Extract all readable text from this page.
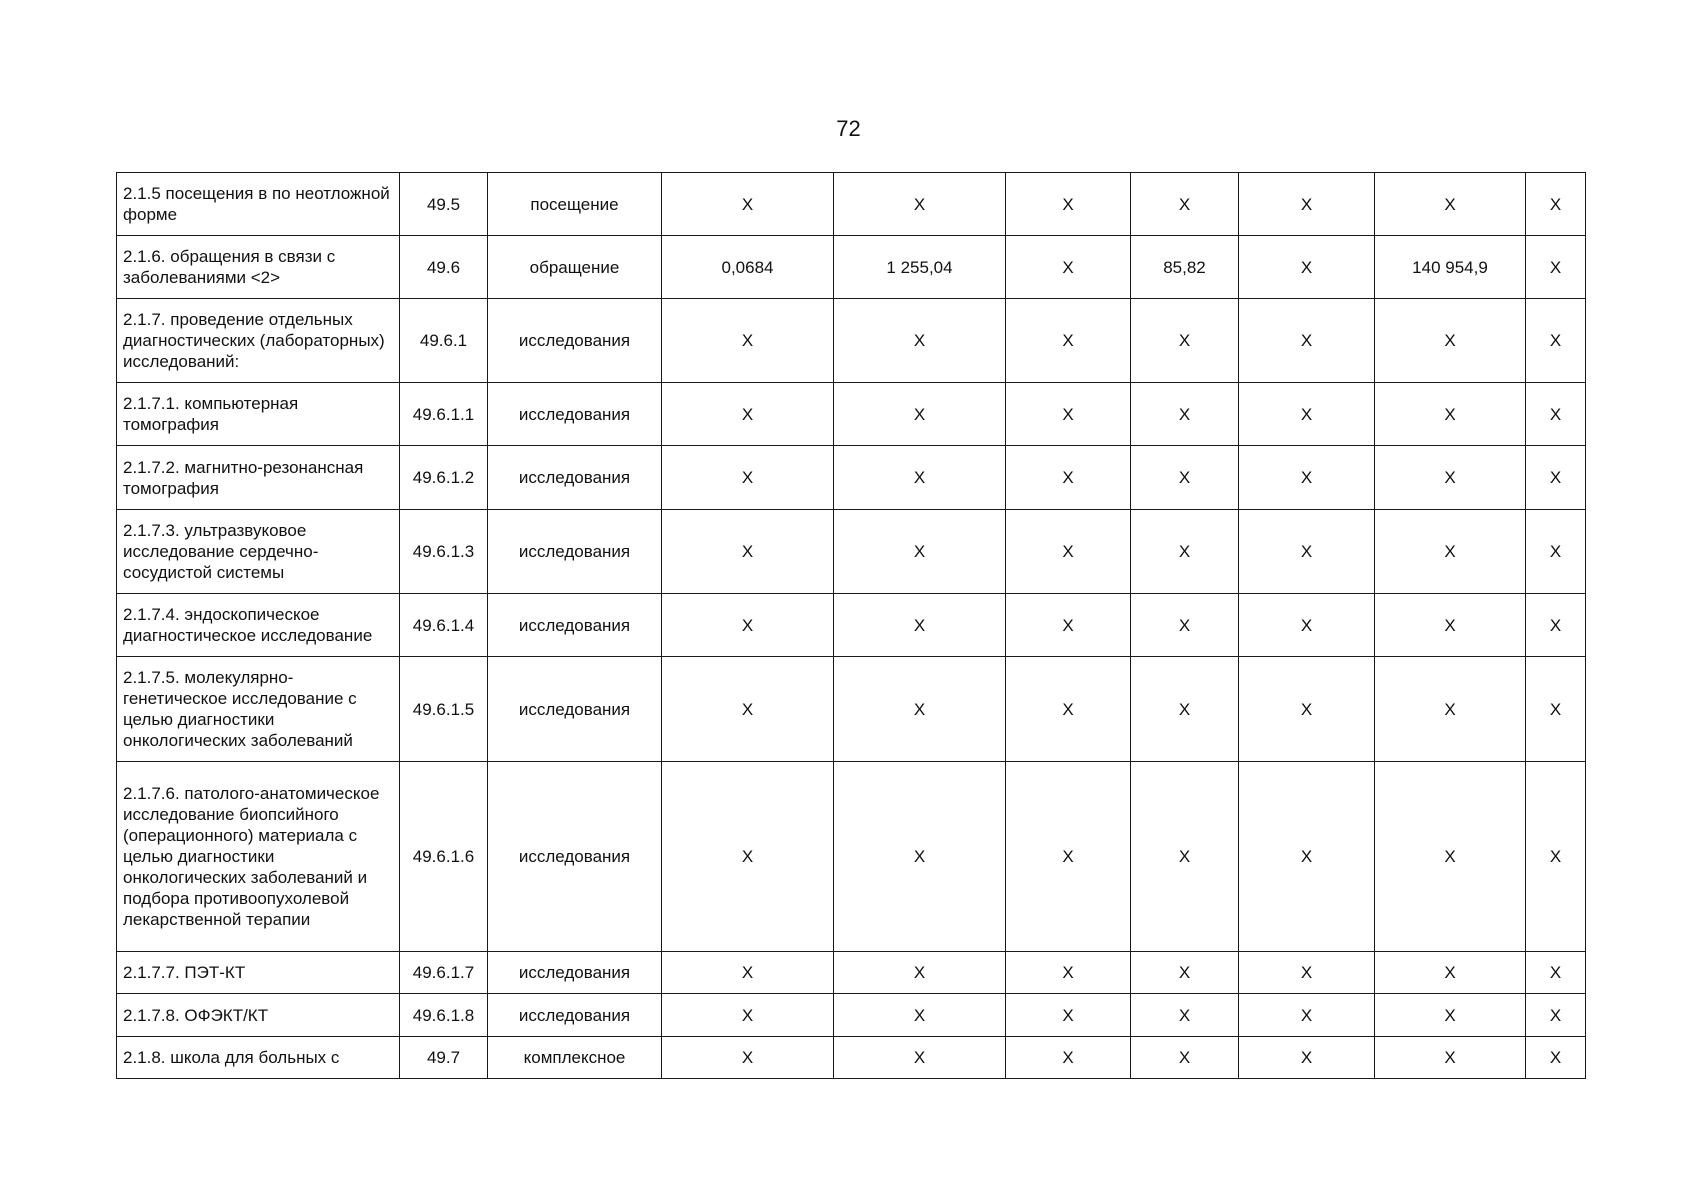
72
2.1.5 посещения в по неотложной форме	49.5	посещение	X	X	X	X	X	X	X
2.1.6. обращения в связи с заболеваниями <2>	49.6	обращение	0,0684	1 255,04	X	85,82	X	140 954,9	X
2.1.7. проведение отдельных диагностических (лабораторных) исследований:	49.6.1	исследования	X	X	X	X	X	X	X
2.1.7.1. компьютерная томография	49.6.1.1	исследования	X	X	X	X	X	X	X
2.1.7.2. магнитно-резонансная томография	49.6.1.2	исследования	X	X	X	X	X	X	X
2.1.7.3. ультразвуковое исследование сердечно-сосудистой системы	49.6.1.3	исследования	X	X	X	X	X	X	X
2.1.7.4. эндоскопическое диагностическое исследование	49.6.1.4	исследования	X	X	X	X	X	X	X
2.1.7.5. молекулярно-генетическое исследование с целью диагностики онкологических заболеваний	49.6.1.5	исследования	X	X	X	X	X	X	X
2.1.7.6. патолого-анатомическое исследование биопсийного (операционного) материала с целью диагностики онкологических заболеваний и подбора противоопухолевой лекарственной терапии	49.6.1.6	исследования	X	X	X	X	X	X	X
2.1.7.7. ПЭТ-КТ	49.6.1.7	исследования	X	X	X	X	X	X	X
2.1.7.8. ОФЭКТ/КТ	49.6.1.8	исследования	X	X	X	X	X	X	X
2.1.8. школа для больных с	49.7	комплексное	X	X	X	X	X	X	X
